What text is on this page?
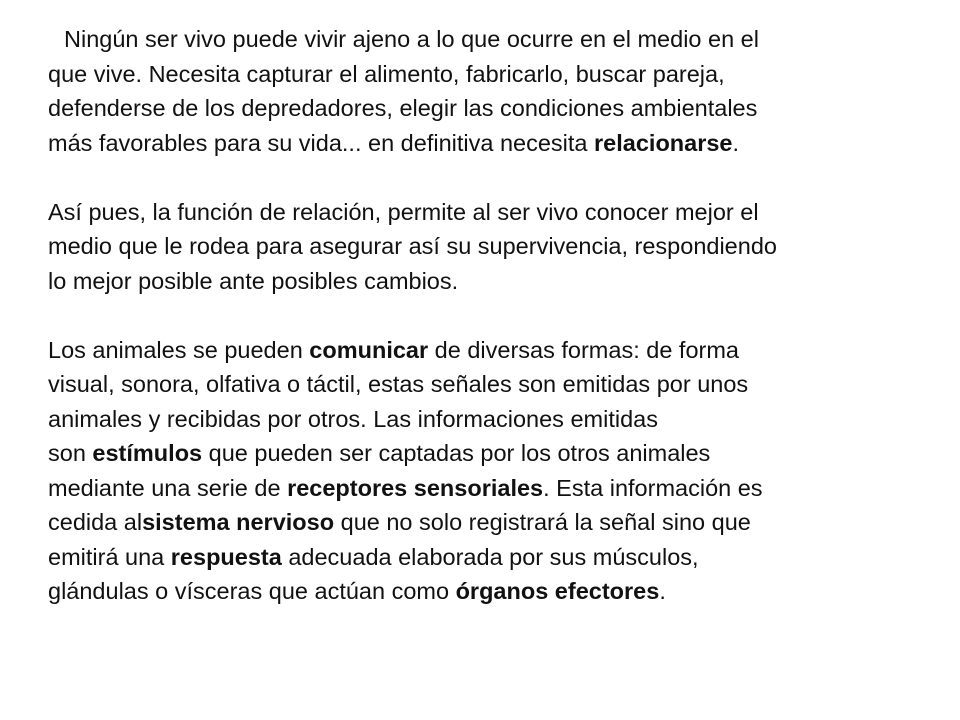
Ningún ser vivo puede vivir ajeno a lo que ocurre en el medio en el
que vive. Necesita capturar el alimento, fabricarlo, buscar pareja,
defenderse de los depredadores, elegir las condiciones ambientales
más favorables para su vida... en definitiva necesita relacionarse.
Así pues, la función de relación, permite al ser vivo conocer mejor el
medio que le rodea para asegurar así su supervivencia, respondiendo
lo mejor posible ante posibles cambios.
Los animales se pueden comunicar de diversas formas: de forma
visual, sonora, olfativa o táctil, estas señales son emitidas por unos
animales y recibidas por otros. Las informaciones emitidas
son estímulos que pueden ser captadas por los otros animales
mediante una serie de receptores sensoriales. Esta información es
cedida alsistema nervioso que no solo registrará la señal sino que
emitirá una respuesta adecuada elaborada por sus músculos,
glándulas o vísceras que actúan como órganos efectores.
